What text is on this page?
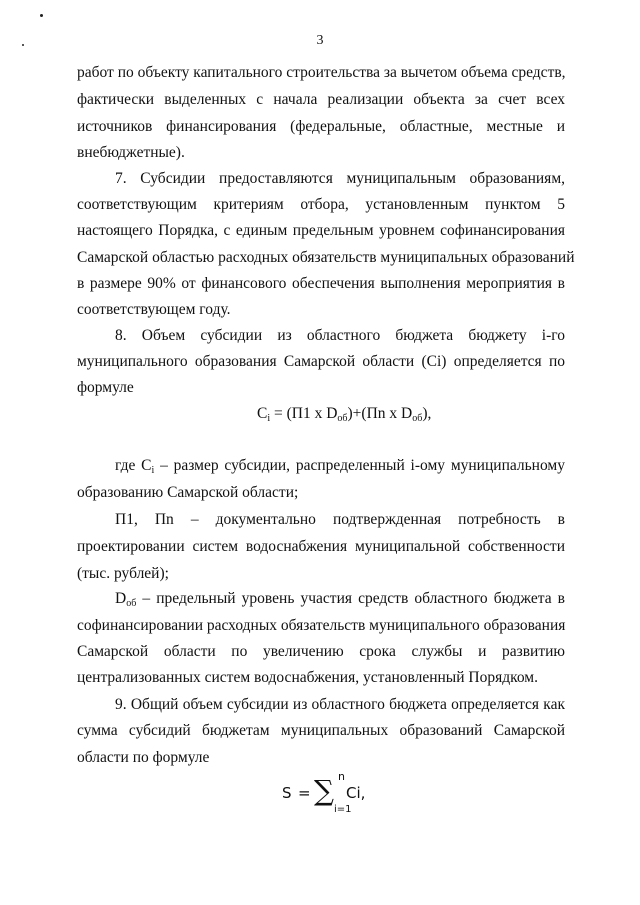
3
работ по объекту капитального строительства за вычетом объема средств,
фактически выделенных с начала реализации объекта за счет всех
источников финансирования (федеральные, областные, местные и
внебюджетные).
7. Субсидии предоставляются муниципальным образованиям,
соответствующим критериям отбора, установленным пунктом 5
настоящего Порядка, с единым предельным уровнем софинансирования
Самарской областью расходных обязательств муниципальных образований
в размере 90% от финансового обеспечения выполнения мероприятия в
соответствующем году.
8. Объем субсидии из областного бюджета бюджету i-го
муниципального образования Самарской области (Ci) определяется по
формуле
$C_i = (П1$ x $D_{об})+(Пn$ x $D_{об}$),
где $C_i$ – размер субсидии, распределенный i-ому муниципальному
образованию Самарской области;
П1, Пn – документально подтвержденная потребность в
проектировании систем водоснабжения муниципальной собственности
(тыс. рублей);
$D_{об}$ – предельный уровень участия средств областного бюджета в
софинансировании расходных обязательств муниципального образования
Самарской области по увеличению срока службы и развитию
централизованных систем водоснабжения, установленный Порядком.
9. Общий объем субсидии из областного бюджета определяется как
сумма субсидий бюджетам муниципальных образований Самарской
области по формуле
S = ∑ n
i=1
Ci,
